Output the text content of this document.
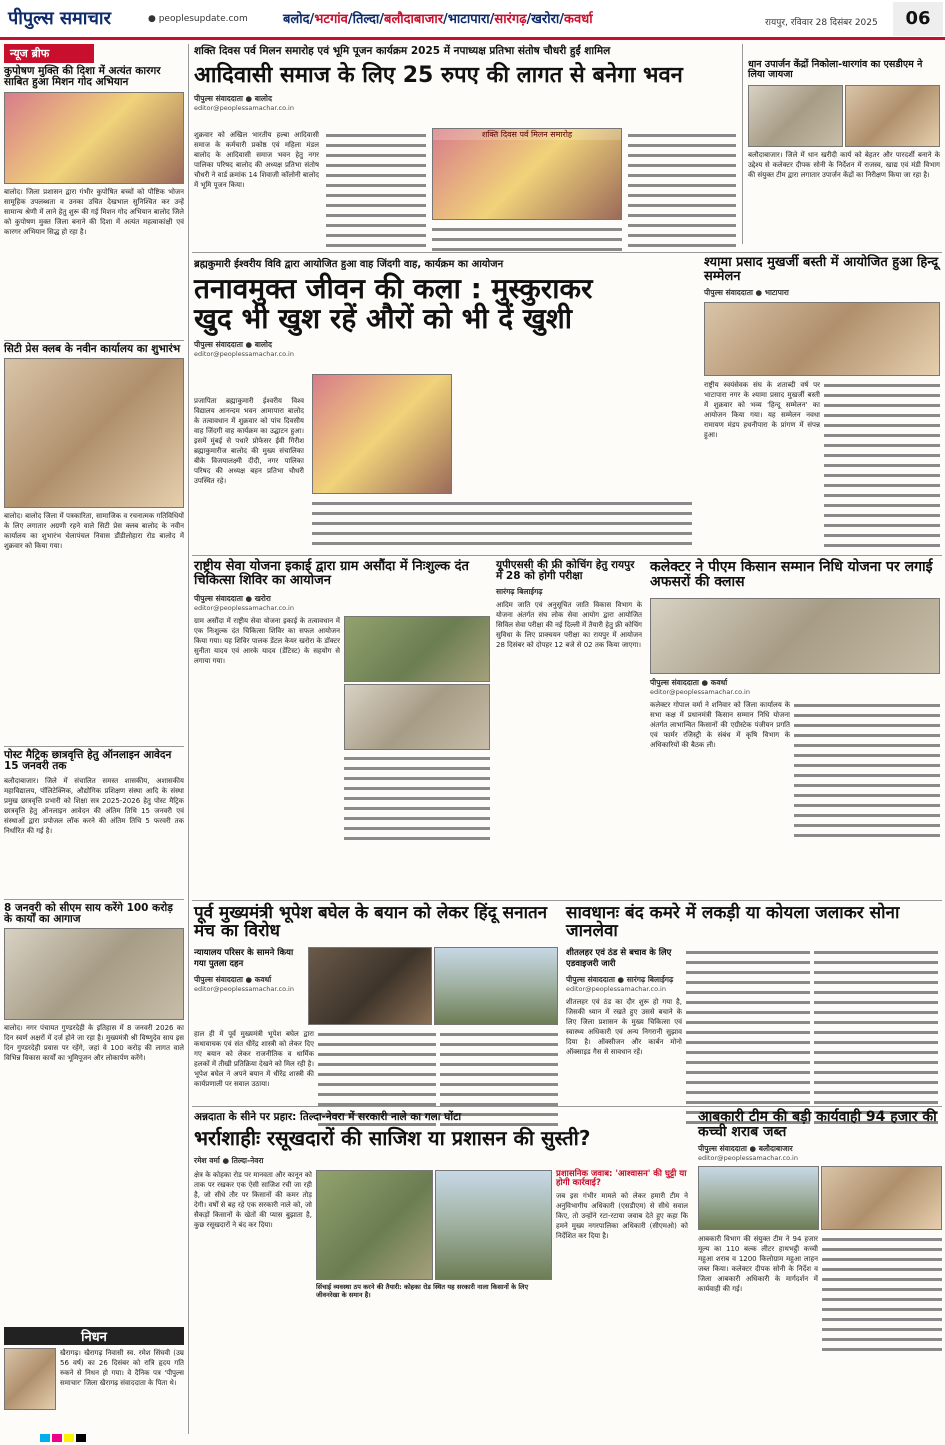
पीपुल्स समाचार	● peoplesupdate.com	बलोद/भटगांव/तिल्दा/बलौदाबाजार/भाटापारा/सारंगढ़/खरोरा/कवर्धा	रायपुर, रविवार 28 दिसंबर 2025	06
न्यूज ब्रीफ
कुपोषण मुक्ति की दिशा में अत्यंत कारगर साबित हुआ मिशन गोद अभियान
बालोद। जिला प्रशासन द्वारा गंभीर कुपोषित बच्चों को पौष्टिक भोजन सामूहिक उपलब्धता व उनका उचित देखभाल सुनिश्चित कर उन्हें सामान्य श्रेणी में लाने हेतु शुरू की गई मिशन गोद अभियान बालोद जिले को कुपोषण मुक्त जिला बनाने की दिशा में अत्यंत महत्वाकांक्षी एवं कारगर अभियान सिद्ध हो रहा है।
सिटी प्रेस क्लब के नवीन कार्यालय का शुभारंभ
बालोद। बालोद जिला में पत्रकारिता, सामाजिक व रचनात्मक गतिविधियों के लिए लगातार अग्रणी रहने वाले सिटी प्रेस क्लब बालोद के नवीन कार्यालय का शुभारंभ चेलापंचल निवास डौंडीलोहारा रोड बालोद में शुक्रवार को किया गया।
पोस्ट मैट्रिक छात्रवृत्ति हेतु ऑनलाइन आवेदन 15 जनवरी तक
बलौदाबाजार। जिले में संचालित समस्त शासकीय, अशासकीय महाविद्यालय, पॉलिटेक्निक, औद्योगिक प्रशिक्षण संस्था आदि के संस्था प्रमुख छात्रवृत्ति प्रभारी को शिक्षा सत्र 2025-2026 हेतु पोस्ट मैट्रिक छात्रवृत्ति हेतु ऑनलाइन आवेदन की अंतिम तिथि 15 जनवरी एवं संस्थाओं द्वारा प्रपोजल लॉक करने की अंतिम तिथि 5 फरवरी तक निर्धारित की गई है।
8 जनवरी को सीएम साय करेंगे 100 करोड़ के कार्यों का आगाज
बालोद। नगर पंचायत गुण्डरदेही के इतिहास में 8 जनवरी 2026 का दिन स्वर्ण अक्षरों में दर्ज होने जा रहा है। मुख्यमंत्री श्री विष्णुदेव साय इस दिन गुण्डरदेही प्रवास पर रहेंगे, जहां वे 100 करोड़ की लागत वाले विभिन्न विकास कार्यों का भूमिपूजन और लोकार्पण करेंगे।
निधन
खैरागढ़। खैरागढ़ निवासी स्व. रमेश सिंघवी (उम्र 56 वर्ष) का 26 दिसंबर को रात्रि हृदय गति रुकने से निधन हो गया। वे दैनिक पत्र 'पीपुल्स समाचार' जिला खैरागढ़ संवाददाता के पिता थे।
शक्ति दिवस पर्व मिलन समारोह एवं भूमि पूजन कार्यक्रम 2025 में नपाध्यक्ष प्रतिभा संतोष चौधरी हुईं शामिल
आदिवासी समाज के लिए 25 रुपए की लागत से बनेगा भवन
पीपुल्स संवाददाता ● बालोद
editor@peoplessamachar.co.in
शुक्रवार को अखिल भारतीय हल्बा आदिवासी समाज के कर्मचारी प्रकोष्ठ एवं महिला मंडल बालोद के आदिवासी समाज भवन हेतु नगर पालिका परिषद बालोद की अध्यक्ष प्रतिभा संतोष चौधरी ने वार्ड क्रमांक 14 शिवाजी कॉलोनी बालोद में भूमि पूजन किया।
शक्ति दिवस पर्व मिलन समारोह
धान उपार्जन केंद्रों निकोला-धारगांव का एसडीएम ने लिया जायजा
बलौदाबाजार। जिले में धान खरीदी कार्य को बेहतर और पारदर्शी बनाने के उद्देश्य से कलेक्टर दीपक सोनी के निर्देशन में राजस्व, खाद्य एवं मंडी विभाग की संयुक्त टीम द्वारा लगातार उपार्जन केंद्रों का निरीक्षण किया जा रहा है।
ब्रह्मकुमारी ईश्वरीय विवि द्वारा आयोजित हुआ वाह जिंदगी वाह, कार्यक्रम का आयोजन
तनावमुक्त जीवन की कला : मुस्कुराकर
खुद भी खुश रहें औरों को भी दें खुशी
पीपुल्स संवाददाता ● बालोद
editor@peoplessamachar.co.in
प्रजापिता ब्रह्माकुमारी ईश्वरीय विश्व विद्यालय आनन्दम भवन आमापारा बालोद के तत्वावधान में शुक्रवार को पांच दिवसीय वाह जिंदगी वाह कार्यक्रम का उद्घाटन हुआ। इसमें मुंबई से पधारे प्रोफेसर ईवी गिरीश ब्रह्माकुमारीज बालोद की मुख्य संचालिका बीके विजयालक्ष्मी दीदी, नगर पालिका परिषद की अध्यक्ष बहन प्रतिभा चौधरी उपस्थित रहे।
श्यामा प्रसाद मुखर्जी बस्ती में आयोजित हुआ हिन्दू सम्मेलन
पीपुल्स संवाददाता ● भाटापारा
राष्ट्रीय स्वयंसेवक संघ के शताब्दी वर्ष पर भाटापारा नगर के श्यामा प्रसाद मुखर्जी बस्ती में शुक्रवार को भव्य 'हिन्दू सम्मेलन' का आयोजन किया गया। यह सम्मेलन नवधा रामायण मंडप हथनीपारा के प्रांगण में संपन्न हुआ।
राष्ट्रीय सेवा योजना इकाई द्वारा ग्राम असौंदा में निःशुल्क दंत चिकित्सा शिविर का आयोजन
पीपुल्स संवाददाता ● खरोरा
editor@peoplessamachar.co.in
ग्राम असौंदा में राष्ट्रीय सेवा योजना इकाई के तत्वावधान में एक निःशुल्क दंत चिकित्सा शिविर का सफल आयोजन किया गया। यह शिविर पालक डेंटल केयर खरोरा के डॉक्टर सुनीता यादव एवं आरके यादव (डेंटिस्ट) के सहयोग से लगाया गया।
यूपीएससी की फ्री कोचिंग हेतु रायपुर में 28 को होगी परीक्षा
सारंगढ़ बिलाईगढ़
आदिम जाति एवं अनुसूचित जाति विकास विभाग के योजना अंतर्गत संघ लोक सेवा आयोग द्वारा आयोजित सिविल सेवा परीक्षा की नई दिल्ली में तैयारी हेतु फ्री कोचिंग सुविधा के लिए प्राक्चयन परीक्षा का रायपुर में आयोजन 28 दिसंबर को दोपहर 12 बजे से 02 तक किया जाएगा।
कलेक्टर ने पीएम किसान सम्मान निधि योजना पर लगाई अफसरों की क्लास
पीपुल्स संवाददाता ● कवर्धा
editor@peoplessamachar.co.in
कलेक्टर गोपाल वर्मा ने शनिवार को जिला कार्यालय के सभा कक्ष में प्रधानमंत्री किसान सम्मान निधि योजना अंतर्गत लाभान्वित किसानों की एग्रीस्टेक पंजीयन प्रगति एवं फार्मर रजिस्ट्री के संबंध में कृषि विभाग के अधिकारियों की बैठक ली।
पूर्व मुख्यमंत्री भूपेश बघेल के बयान को लेकर हिंदू सनातन मंच का विरोध
न्यायालय परिसर के सामने किया गया पुतला दहन
पीपुल्स संवाददाता ● कवर्धा
editor@peoplessamachar.co.in
हाल ही में पूर्व मुख्यमंत्री भूपेश बघेल द्वारा कथावाचक एवं संत धीरेंद्र शास्त्री को लेकर दिए गए बयान को लेकर राजनीतिक व धार्मिक हलकों में तीखी प्रतिक्रिया देखने को मिल रही है। भूपेश बघेल ने अपने बयान में धीरेंद्र शास्त्री की कार्यप्रणाली पर सवाल उठाया।
सावधानः बंद कमरे में लकड़ी या कोयला जलाकर सोना जानलेवा
शीतलहर एवं ठंड से बचाव के लिए एडवाइजरी जारी
पीपुल्स संवाददाता ● सारंगढ़ बिलाईगढ़
editor@peoplessamachar.co.in
शीतलहर एवं ठंड का दौर शुरू हो गया है, जिसकी ध्यान में रखते हुए उससे बचाने के लिए जिला प्रशासन के मुख्य चिकित्सा एवं स्वास्थ्य अधिकारी एवं अन्य निगरानी सुझाव दिया है। ऑक्सीजन और कार्बन मोनो ऑक्साइड गैस से सावधान रहें।
अन्नदाता के सीने पर प्रहार: तिल्दा-नेवरा में सरकारी नाले का गला घोंटा
भर्राशाहीः रसूखदारों की साजिश या प्रशासन की सुस्ती?
रमेश वर्मा ● तिल्दा-नेवरा
क्षेत्र के कोहका रोड पर मानवता और कानून को ताक पर रखकर एक ऐसी साजिश रची जा रही है, जो सीधे तौर पर किसानों की कमर तोड़ देगी। वर्षों से बह रहे एक सरकारी नाले को, जो सैकड़ों किसानों के खेतों की प्यास बुझाता है, कुछ रसूखदारों ने बंद कर दिया।
सिंचाई व्यवस्था ठप करने की तैयारी: कोहका रोड स्थित यह सरकारी नाला किसानों के लिए जीवनरेखा के समान है।
प्रशासनिक जवाब: 'आश्वासन' की घुट्टी या होगी कार्रवाई?
जब इस गंभीर मामले को लेकर हमारी टीम ने अनुविभागीय अधिकारी (एसडीएम) से सीधे सवाल किए, तो उन्होंने रटा-रटाया जवाब देते हुए कहा कि हमने मुख्य नगरपालिका अधिकारी (सीएमओ) को निर्देशित कर दिया है।
आबकारी टीम की बड़ी कार्यवाही 94 हजार की कच्ची शराब जब्त
पीपुल्स संवाददाता ● बलौदाबाजार
editor@peoplessamachar.co.in
आबकारी विभाग की संयुक्त टीम ने 94 हजार मूल्य का 110 बल्क लीटर हाथभट्ठी कच्ची महुआ शराब व 1200 किलोग्राम महुआ लाहन जब्त किया। कलेक्टर दीपक सोनी के निर्देश व जिला आबकारी अधिकारी के मार्गदर्शन में कार्यवाही की गई।
